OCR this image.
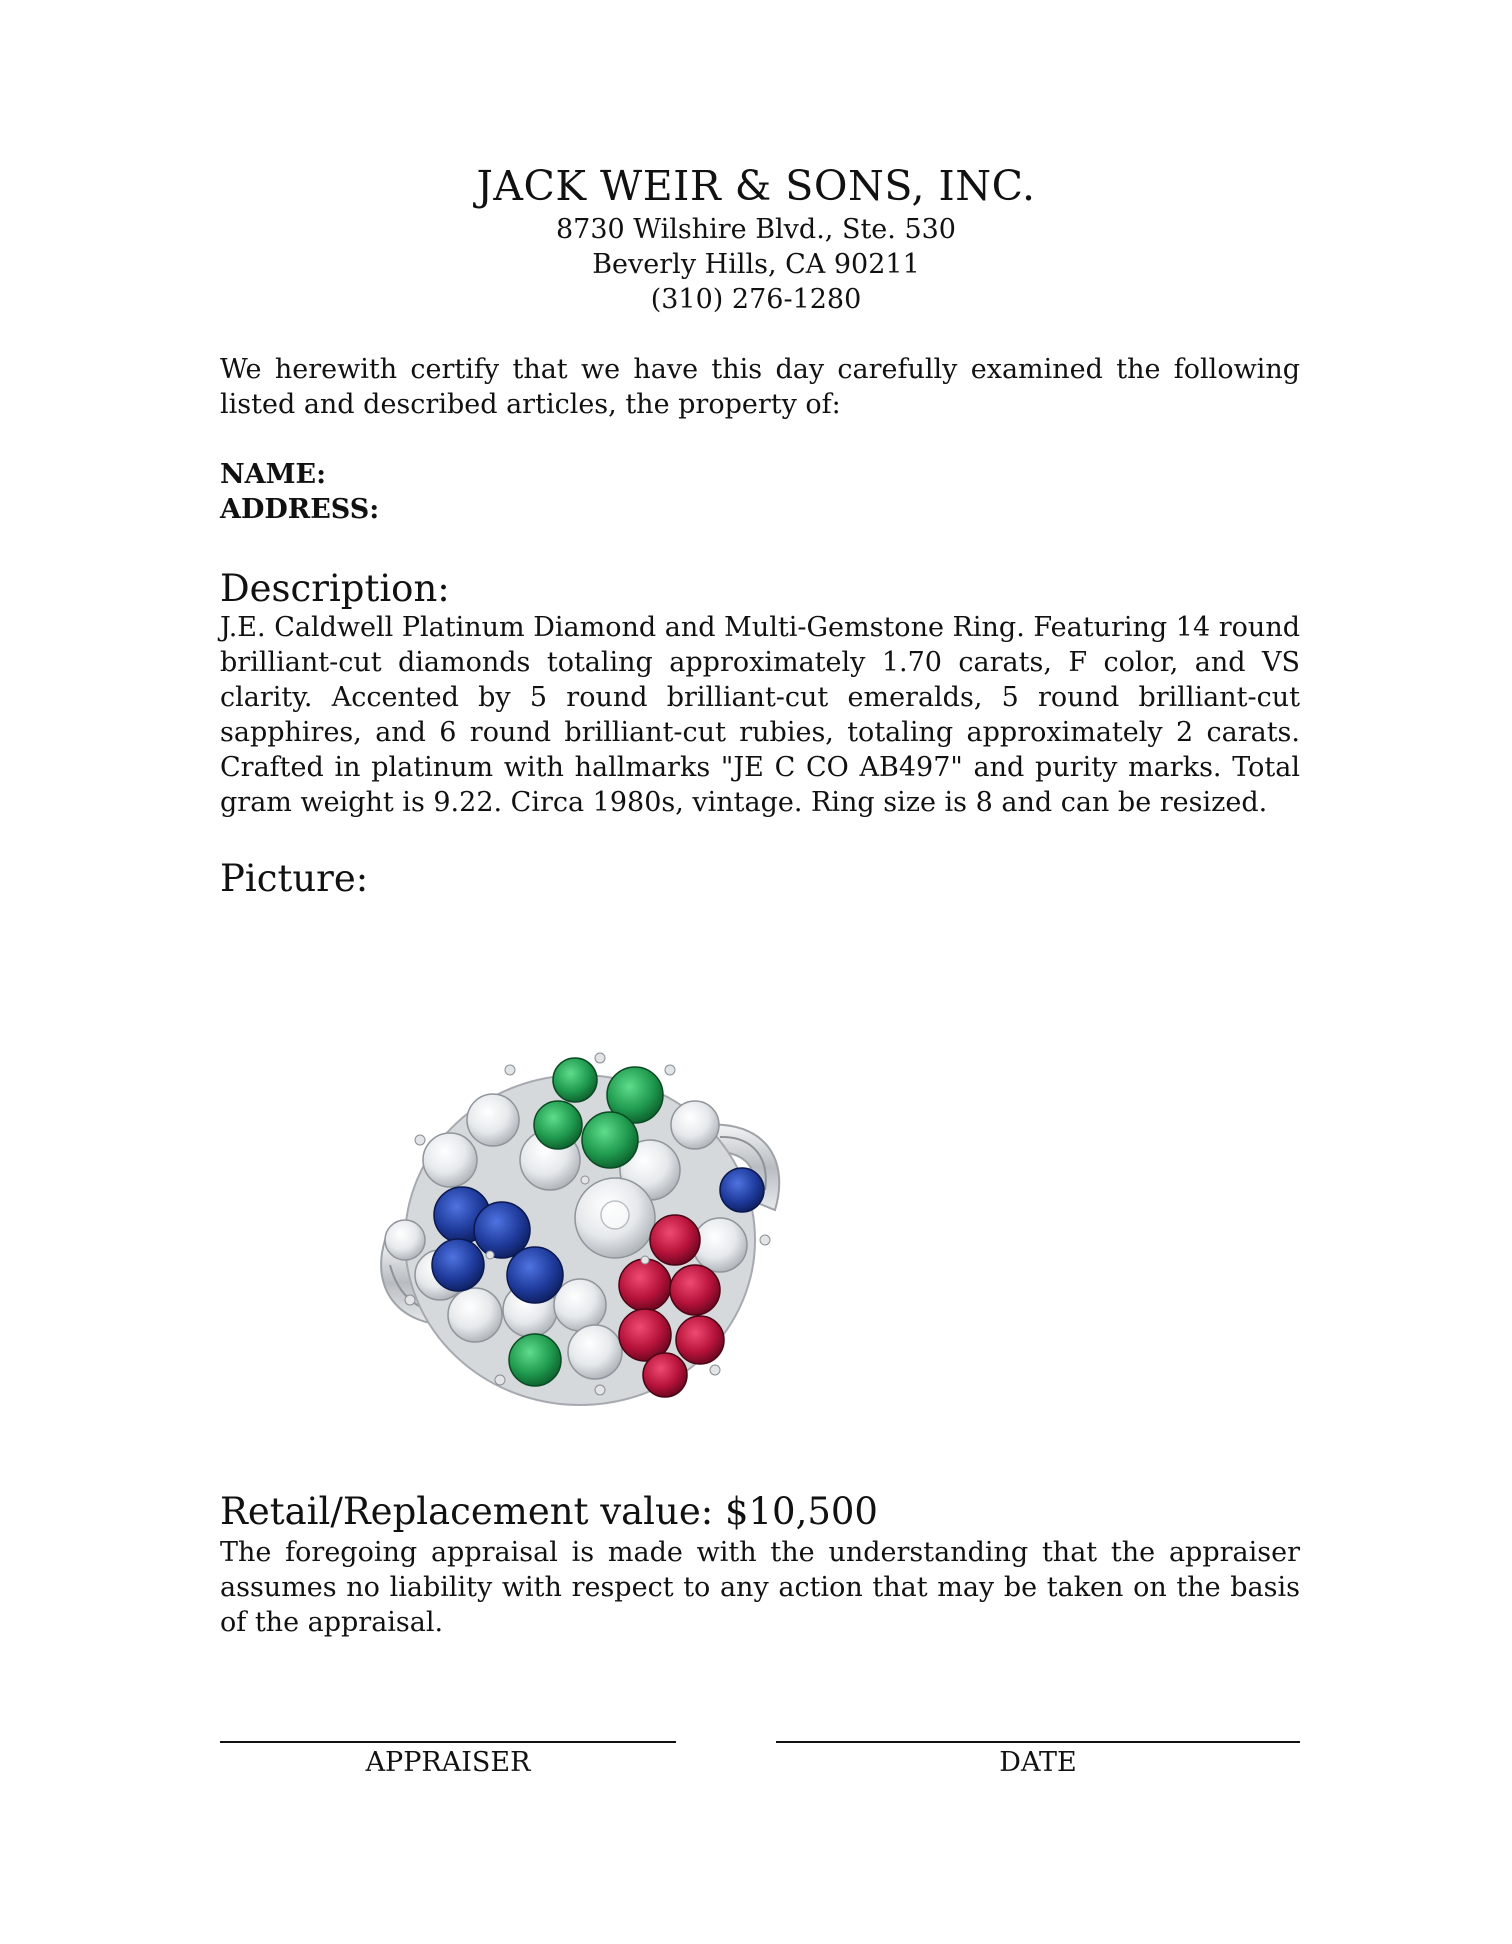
JACK WEIR & SONS, INC.
8730 Wilshire Blvd., Ste. 530
Beverly Hills, CA 90211
(310) 276-1280
We herewith certify that we have this day carefully examined the following listed and described articles, the property of:
NAME:
ADDRESS:
Description:
J.E. Caldwell Platinum Diamond and Multi-Gemstone Ring. Featuring 14 round brilliant-cut diamonds totaling approximately 1.70 carats, F color, and VS clarity. Accented by 5 round brilliant-cut emeralds, 5 round brilliant-cut sapphires, and 6 round brilliant-cut rubies, totaling approximately 2 carats. Crafted in platinum with hallmarks "JE C CO AB497" and purity marks. Total gram weight is 9.22. Circa 1980s, vintage. Ring size is 8 and can be resized.
Picture:
Retail/Replacement value: $10,500
The foregoing appraisal is made with the understanding that the appraiser assumes no liability with respect to any action that may be taken on the basis of the appraisal.
APPRAISER	DATE
